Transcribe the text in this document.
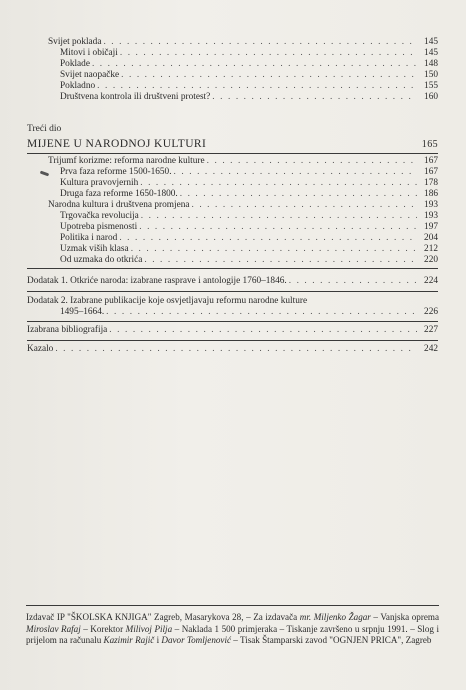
Svijet poklada . . .	145
Mitovi i običaji . . .	145
Poklade . . .	148
Svijet naopačke . . .	150
Pokladno . . .	155
Društvena kontrola ili društveni protest? . . .	160
Treći dio
MIJENE U NARODNOJ KULTURI	165
Trijumf korizme: reforma narodne kulture . . .	167
Prva faza reforme 1500-1650. . . .	167
Kultura pravovjernih . . .	178
Druga faza reforme 1650-1800. . . .	186
Narodna kultura i društvena promjena . . .	193
Trgovačka revolucija . . .	193
Upotreba pismenosti . . .	197
Politika i narod . . .	204
Uzmak viših klasa . . .	212
Od uzmaka do otkrića . . .	220
Dodatak 1. Otkriće naroda: izabrane rasprave i antologije 1760–1846. . . .	224
Dodatak 2. Izabrane publikacije koje osvjetljavaju reformu narodne kulture
1495–1664. . . .	226
Izabrana bibliografija . . .	227
Kazalo . . .	242
Izdavač IP "ŠKOLSKA KNJIGA" Zagreb, Masarykova 28, – Za izdavača mr. Miljenko Žagar – Vanjska oprema Miroslav Rafaj – Korektor Milivoj Pilja – Naklada 1 500 primjeraka – Tiskanje završeno u srpnju 1991. – Slog i prijelom na računalu Kazimir Rajič i Davor Tomljenović – Tisak Štamparski zavod "OGNJEN PRICA", Zagreb
